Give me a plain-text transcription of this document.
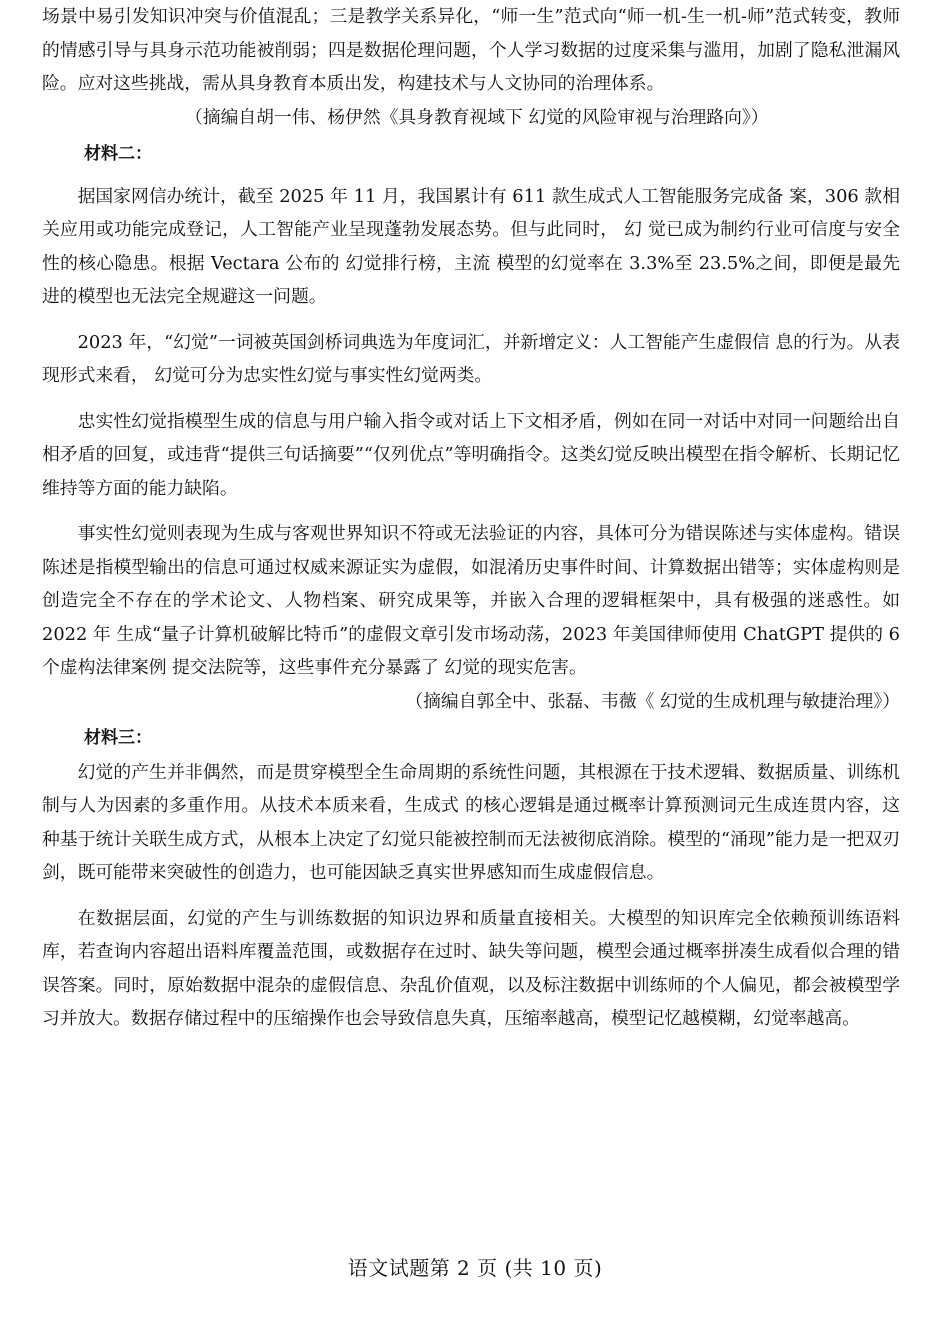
场景中易引发知识冲突与价值混乱；三是教学关系异化，“师一生”范式向“师一机-生一机-师”范式转变，教师的情感引导与具身示范功能被削弱；四是数据伦理问题，个人学习数据的过度采集与滥用，加剧了隐私泄漏风险。应对这些挑战，需从具身教育本质出发，构建技术与人文协同的治理体系。

（摘编自胡一伟、杨伊然《具身教育视域下 幻觉的风险审视与治理路向》）

材料二：

据国家网信办统计，截至 2025 年 11 月，我国累计有 611 款生成式人工智能服务完成备 案，306 款相关应用或功能完成登记，人工智能产业呈现蓬勃发展态势。但与此同时， 幻 觉已成为制约行业可信度与安全性的核心隐患。根据 Vectara 公布的 幻觉排行榜，主流 模型的幻觉率在 3.3%至 23.5%之间，即便是最先进的模型也无法完全规避这一问题。

2023 年，“幻觉”一词被英国剑桥词典选为年度词汇，并新增定义：人工智能产生虚假信 息的行为。从表现形式来看， 幻觉可分为忠实性幻觉与事实性幻觉两类。

忠实性幻觉指模型生成的信息与用户输入指令或对话上下文相矛盾，例如在同一对话中对同一问题给出自相矛盾的回复，或违背“提供三句话摘要”“仅列优点”等明确指令。这类幻觉反映出模型在指令解析、长期记忆维持等方面的能力缺陷。

事实性幻觉则表现为生成与客观世界知识不符或无法验证的内容，具体可分为错误陈述与实体虚构。错误陈述是指模型输出的信息可通过权威来源证实为虚假，如混淆历史事件时间、计算数据出错等；实体虚构则是创造完全不存在的学术论文、人物档案、研究成果等，并嵌入合理的逻辑框架中，具有极强的迷惑性。如 2022 年 生成“量子计算机破解比特币”的虚假文章引发市场动荡，2023 年美国律师使用 ChatGPT 提供的 6 个虚构法律案例 提交法院等，这些事件充分暴露了 幻觉的现实危害。

（摘编自郭全中、张磊、韦薇《 幻觉的生成机理与敏捷治理》）

材料三：

幻觉的产生并非偶然，而是贯穿模型全生命周期的系统性问题，其根源在于技术逻辑、数据质量、训练机制与人为因素的多重作用。从技术本质来看，生成式 的核心逻辑是通过概率计算预测词元生成连贯内容，这种基于统计关联生成方式，从根本上决定了幻觉只能被控制而无法被彻底消除。模型的“涌现”能力是一把双刃剑，既可能带来突破性的创造力，也可能因缺乏真实世界感知而生成虚假信息。

在数据层面，幻觉的产生与训练数据的知识边界和质量直接相关。大模型的知识库完全依赖预训练语料库，若查询内容超出语料库覆盖范围，或数据存在过时、缺失等问题，模型会通过概率拼凑生成看似合理的错误答案。同时，原始数据中混杂的虚假信息、杂乱价值观，以及标注数据中训练师的个人偏见，都会被模型学习并放大。数据存储过程中的压缩操作也会导致信息失真，压缩率越高，模型记忆越模糊，幻觉率越高。

语文试题第 2 页 (共 10 页)
